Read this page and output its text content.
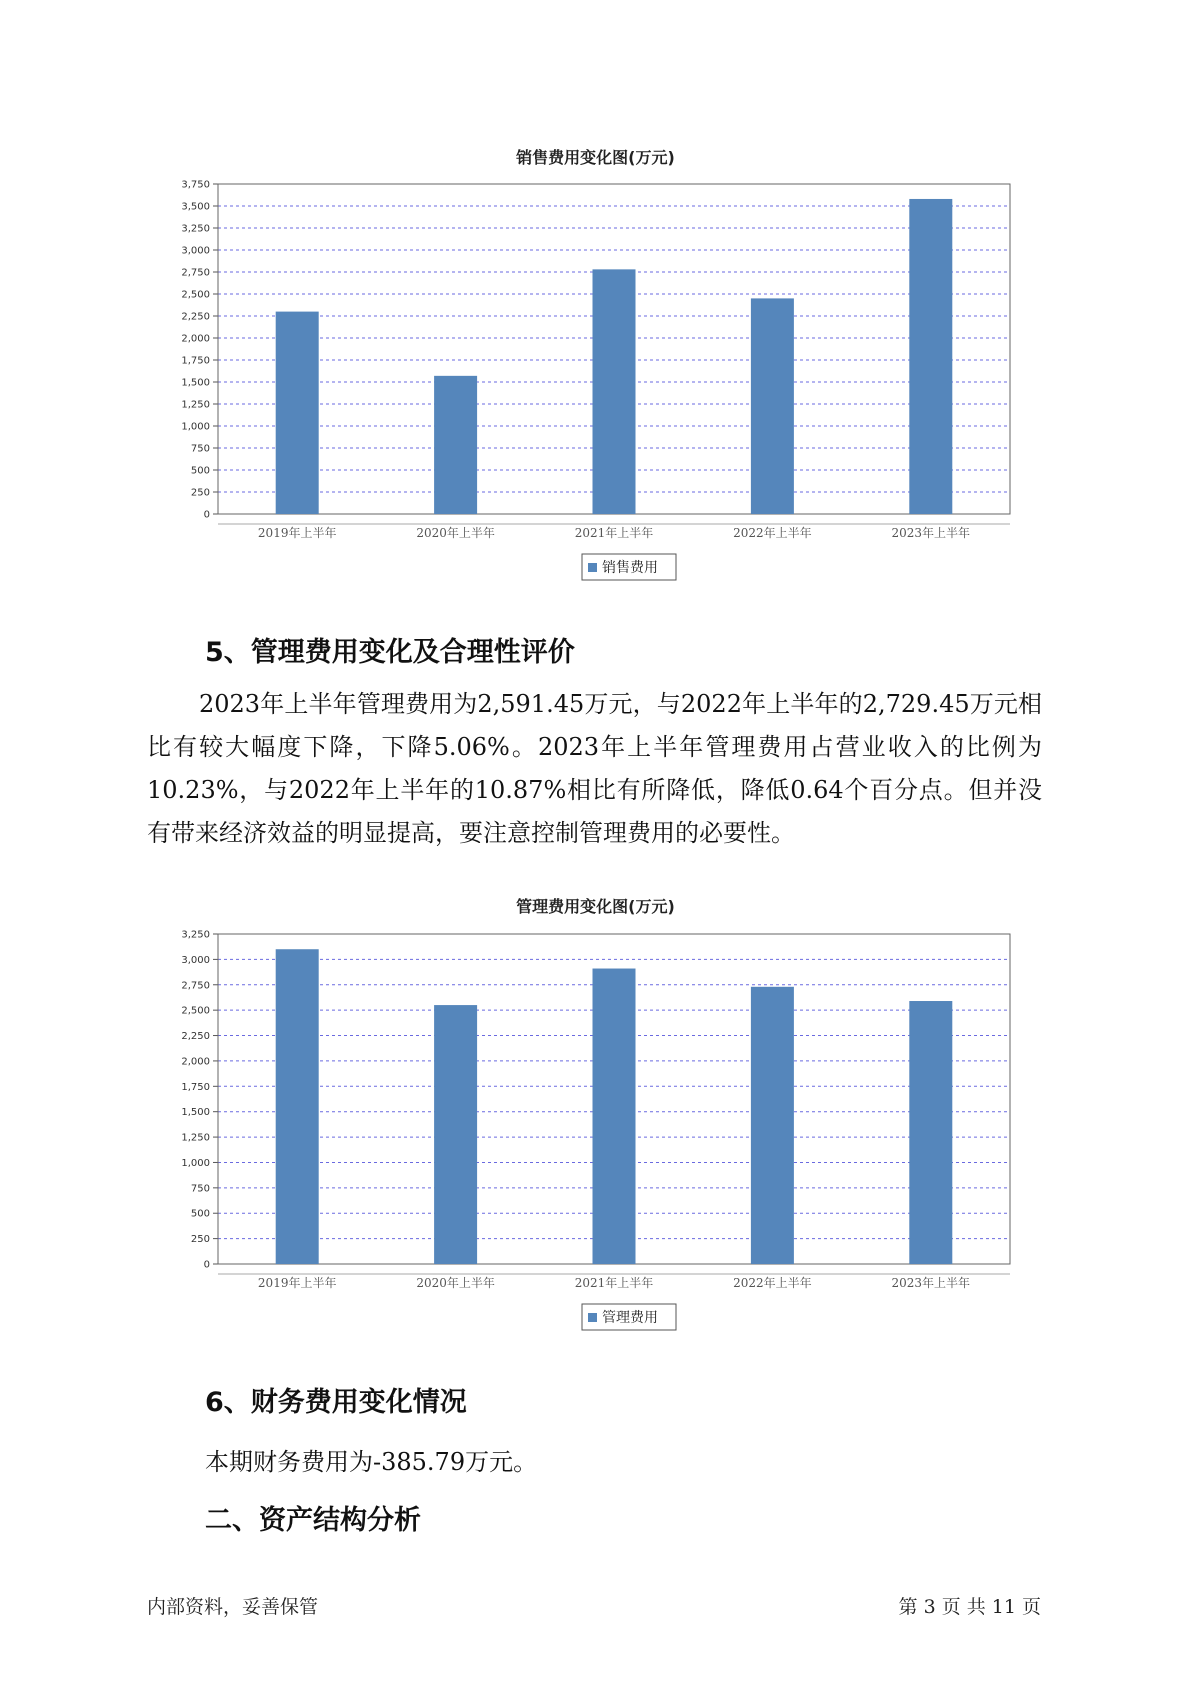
销售费用变化图(万元)
0
250
500
750
1,000
1,250
1,500
1,750
2,000
2,250
2,500
2,750
3,000
3,250
3,500
3,750
2019年上半年	2020年上半年	2021年上半年	2022年上半年	2023年上半年
销售费用
5、管理费用变化及合理性评价

2023年上半年管理费用为2,591.45万元，与2022年上半年的2,729.45万元相比有较大幅度下降，下降5.06%。2023年上半年管理费用占营业收入的比例为10.23%，与2022年上半年的10.87%相比有所降低，降低0.64个百分点。但并没有带来经济效益的明显提高，要注意控制管理费用的必要性。

管理费用变化图(万元)
0
250
500
750
1,000
1,250
1,500
1,750
2,000
2,250
2,500
2,750
3,000
3,250
2019年上半年	2020年上半年	2021年上半年	2022年上半年	2023年上半年
管理费用
6、财务费用变化情况
本期财务费用为-385.79万元。
二、资产结构分析
内部资料，妥善保管	第 3 页 共 11 页
